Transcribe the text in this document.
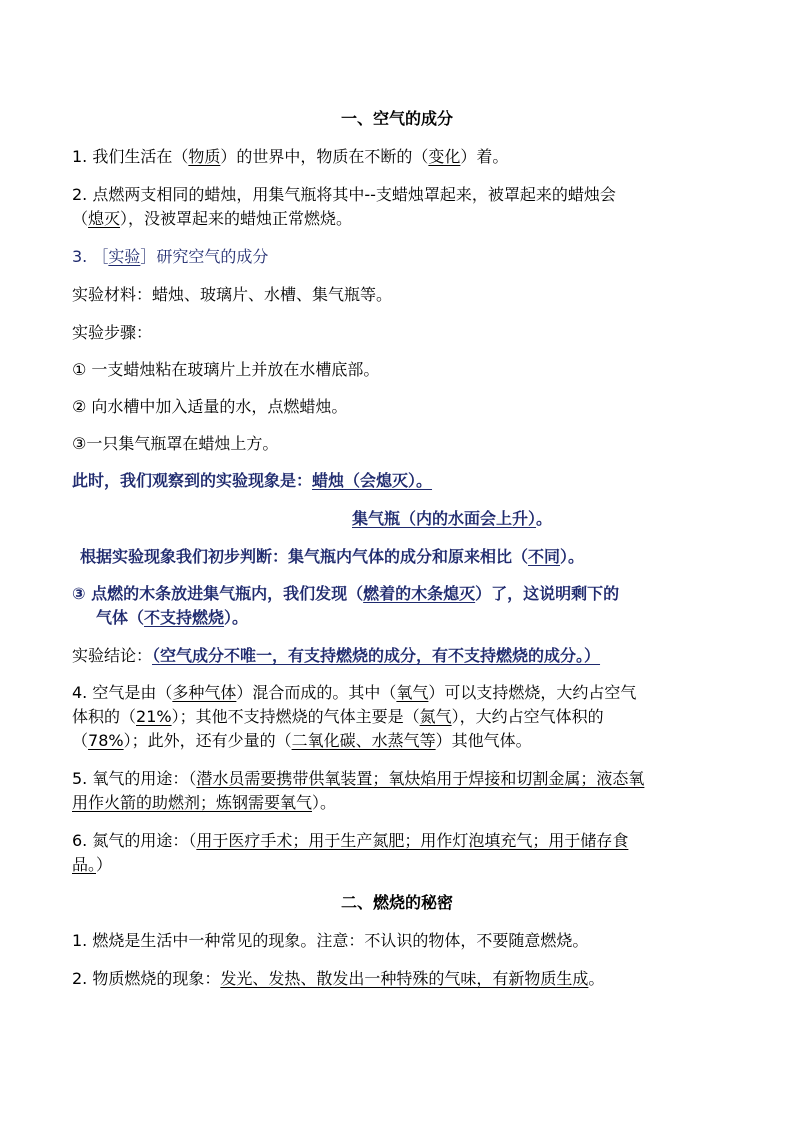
一、空气的成分
1. 我们生活在（物质）的世界中，物质在不断的（变化）着。
2. 点燃两支相同的蜡烛，用集气瓶将其中--支蜡烛罩起来，被罩起来的蜡烛会
（熄灭），没被罩起来的蜡烛正常燃烧。
3. ［实验］研究空气的成分
实验材料：蜡烛、玻璃片、水槽、集气瓶等。
实验步骤：
① 一支蜡烛粘在玻璃片上并放在水槽底部。
② 向水槽中加入适量的水，点燃蜡烛。
③一只集气瓶罩在蜡烛上方。
此时，我们观察到的实验现象是：蜡烛（会熄灭）。
集气瓶（内的水面会上升）。
根据实验现象我们初步判断：集气瓶内气体的成分和原来相比（不同）。
③ 点燃的木条放进集气瓶内，我们发现（燃着的木条熄灭）了，这说明剩下的
气体（不支持燃烧）。
实验结论：（空气成分不唯一，有支持燃烧的成分，有不支持燃烧的成分。）
4. 空气是由（多种气体）混合而成的。其中（氧气）可以支持燃烧，大约占空气
体积的（21%）；其他不支持燃烧的气体主要是（氮气），大约占空气体积的
（78%）；此外，还有少量的（二氧化碳、水蒸气等）其他气体。
5. 氧气的用途：（潜水员需要携带供氧装置；氧炔焰用于焊接和切割金属；液态氧
用作火箭的助燃剂；炼钢需要氧气）。
6. 氮气的用途：（用于医疗手术；用于生产氮肥；用作灯泡填充气；用于储存食
品。）
二、燃烧的秘密
1. 燃烧是生活中一种常见的现象。注意：不认识的物体，不要随意燃烧。
2. 物质燃烧的现象：发光、发热、散发出一种特殊的气味，有新物质生成。
